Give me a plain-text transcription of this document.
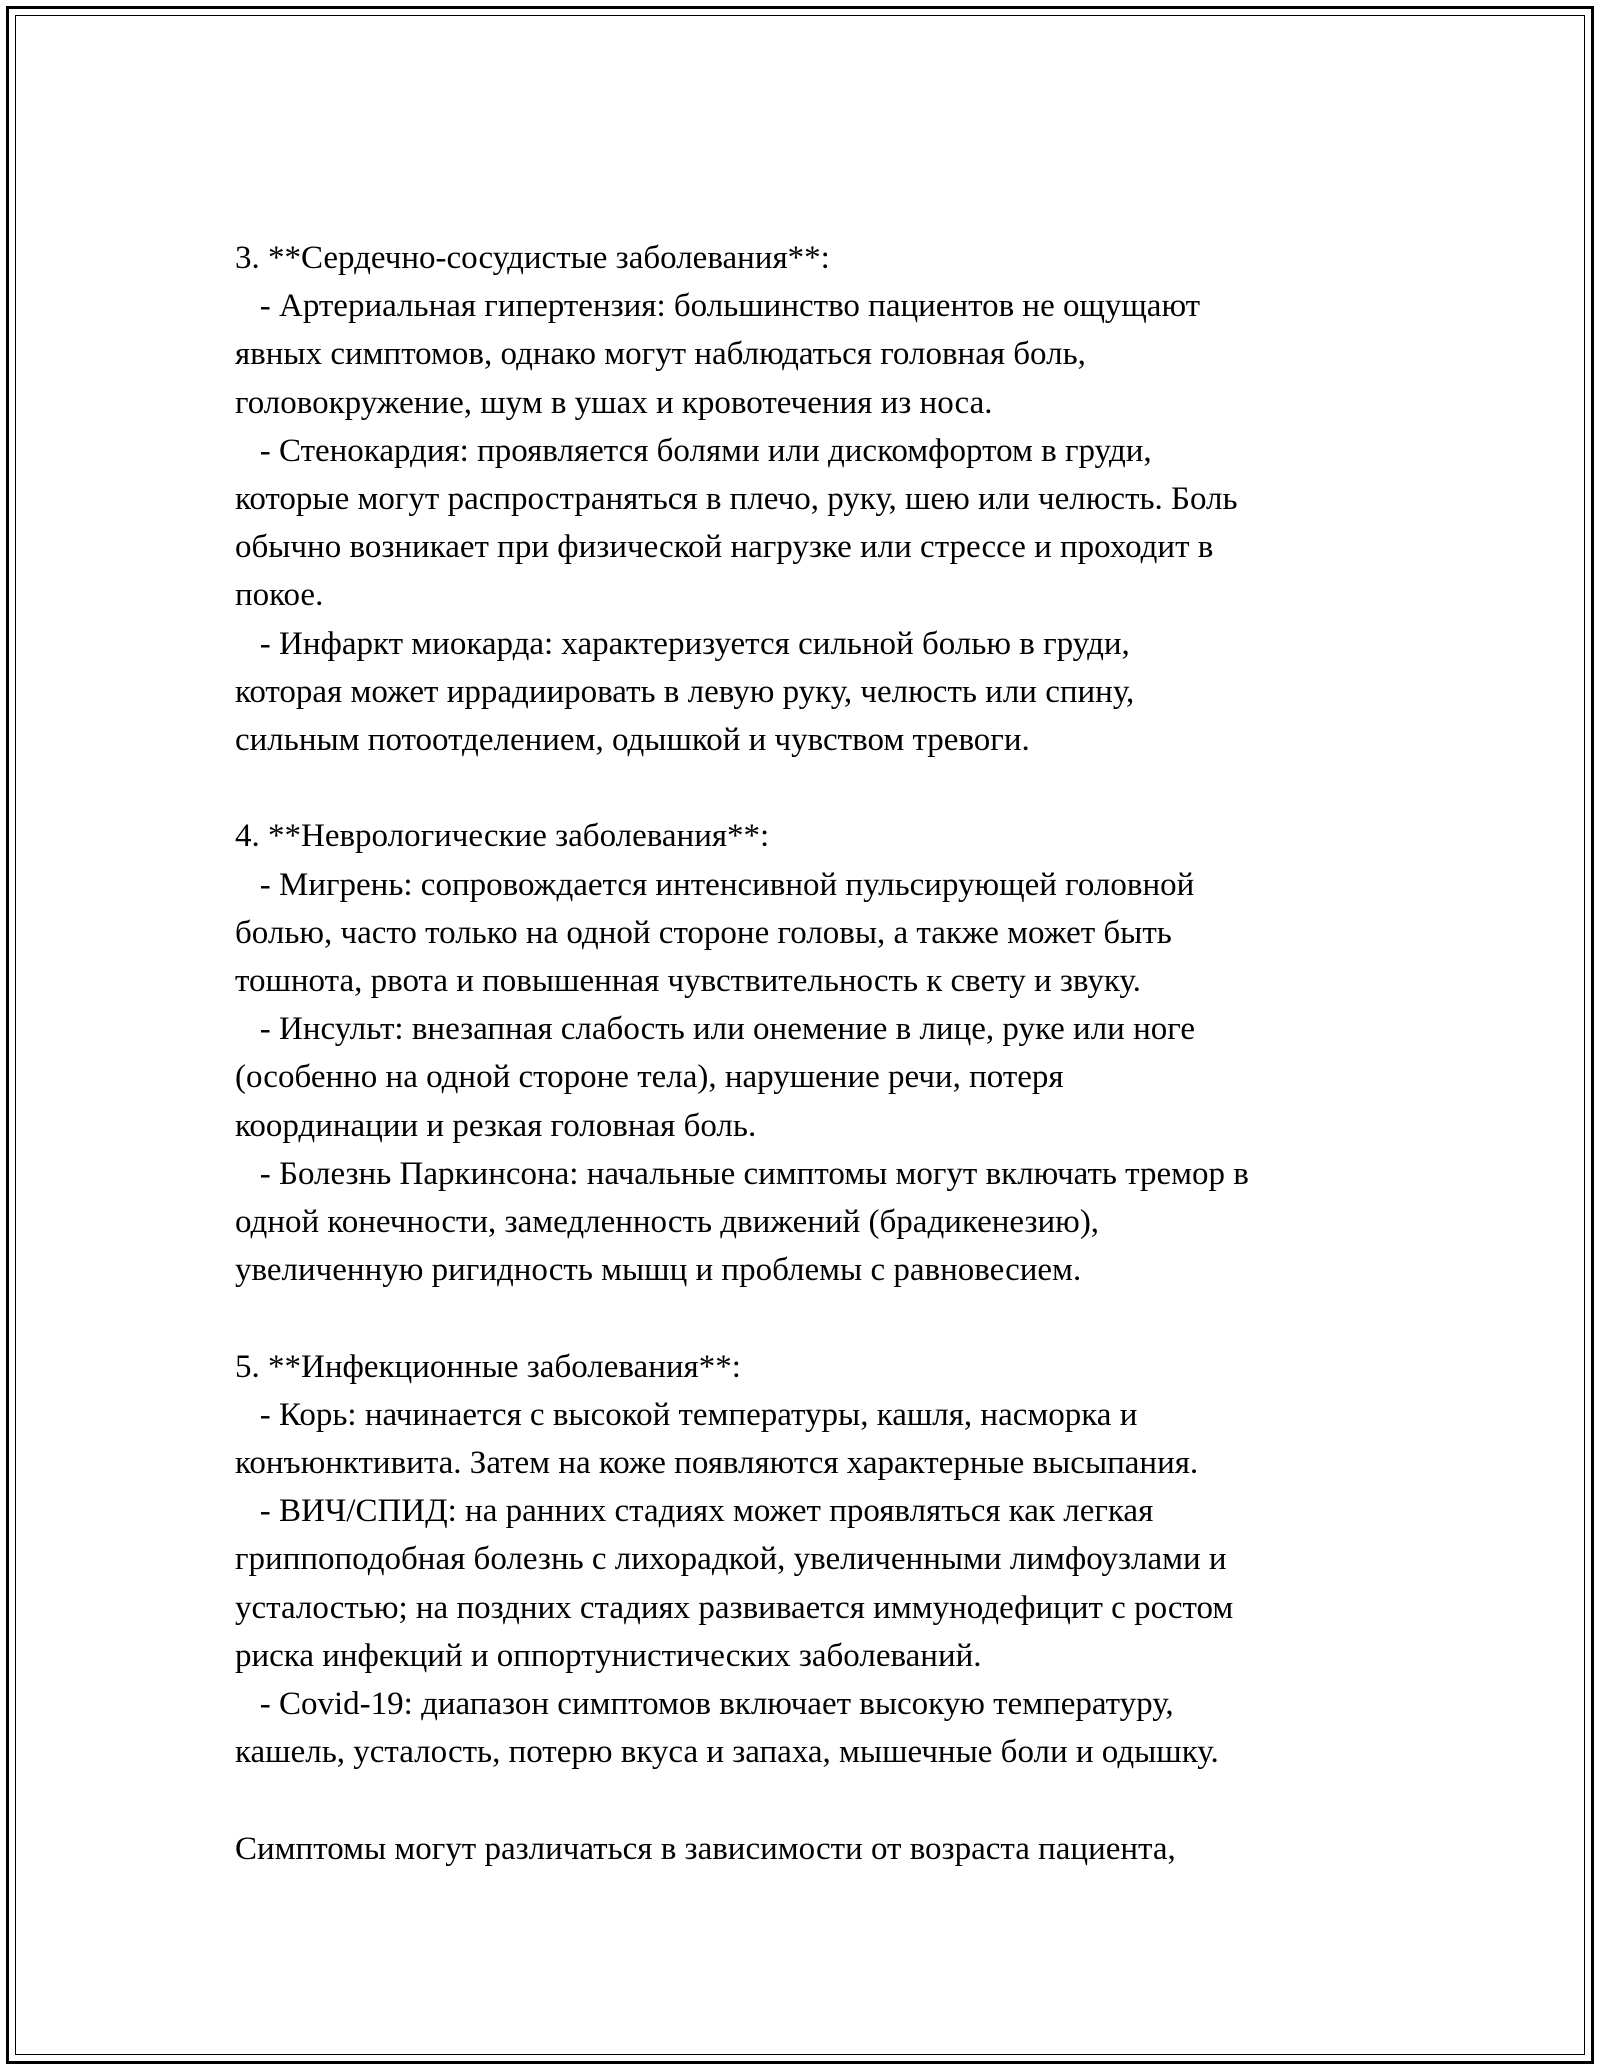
3. **Сердечно-сосудистые заболевания**:
- Артериальная гипертензия: большинство пациентов не ощущают
явных симптомов, однако могут наблюдаться головная боль,
головокружение, шум в ушах и кровотечения из носа.
- Стенокардия: проявляется болями или дискомфортом в груди,
которые могут распространяться в плечо, руку, шею или челюсть. Боль
обычно возникает при физической нагрузке или стрессе и проходит в
покое.
- Инфаркт миокарда: характеризуется сильной болью в груди,
которая может иррадиировать в левую руку, челюсть или спину,
сильным потоотделением, одышкой и чувством тревоги.
4. **Неврологические заболевания**:
- Мигрень: сопровождается интенсивной пульсирующей головной
болью, часто только на одной стороне головы, а также может быть
тошнота, рвота и повышенная чувствительность к свету и звуку.
- Инсульт: внезапная слабость или онемение в лице, руке или ноге
(особенно на одной стороне тела), нарушение речи, потеря
координации и резкая головная боль.
- Болезнь Паркинсона: начальные симптомы могут включать тремор в
одной конечности, замедленность движений (брадикенезию),
увеличенную ригидность мышц и проблемы с равновесием.
5. **Инфекционные заболевания**:
- Корь: начинается с высокой температуры, кашля, насморка и
конъюнктивита. Затем на коже появляются характерные высыпания.
- ВИЧ/СПИД: на ранних стадиях может проявляться как легкая
гриппоподобная болезнь с лихорадкой, увеличенными лимфоузлами и
усталостью; на поздних стадиях развивается иммунодефицит с ростом
риска инфекций и оппортунистических заболеваний.
- Covid-19: диапазон симптомов включает высокую температуру,
кашель, усталость, потерю вкуса и запаха, мышечные боли и одышку.
Симптомы могут различаться в зависимости от возраста пациента,
